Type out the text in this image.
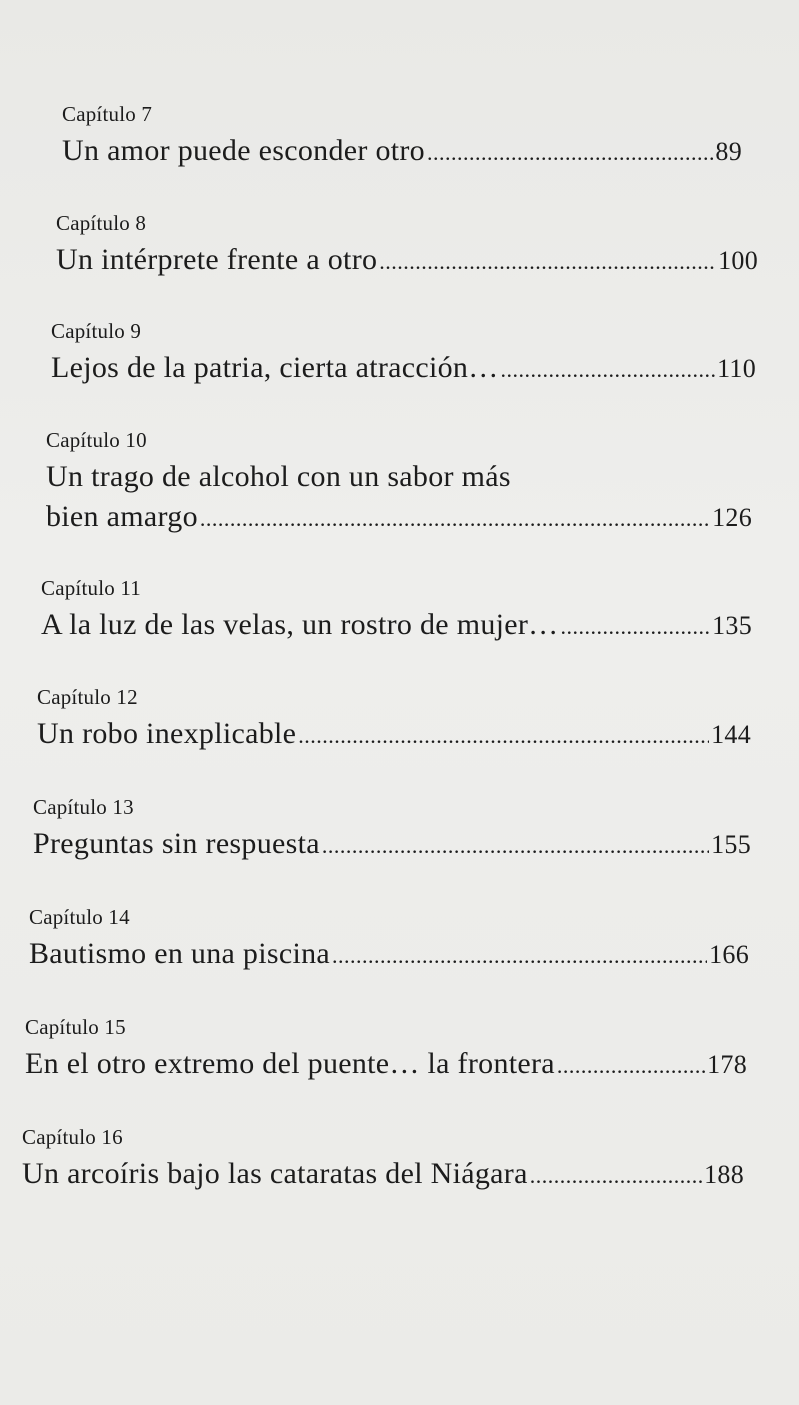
Capítulo 7
Un amor puede esconder otro .....	89
Capítulo 8
Un intérprete frente a otro .....	100
Capítulo 9
Lejos de la patria, cierta atracción… .....	110
Capítulo 10
Un trago de alcohol con un sabor más
bien amargo .....	126
Capítulo 11
A la luz de las velas, un rostro de mujer… .....	135
Capítulo 12
Un robo inexplicable .....	144
Capítulo 13
Preguntas sin respuesta .....	155
Capítulo 14
Bautismo en una piscina .....	166
Capítulo 15
En el otro extremo del puente… la frontera .....	178
Capítulo 16
Un arcoíris bajo las cataratas del Niágara .....	188
